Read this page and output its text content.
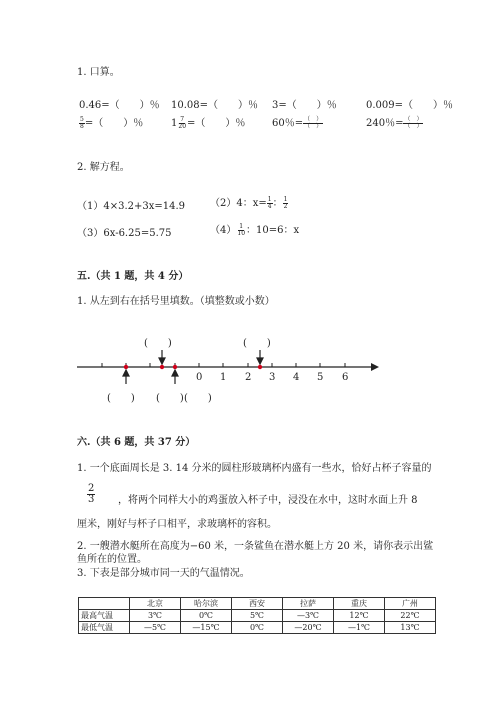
1. 口算。
0.46=（　　）％ 10.08=（　　）％ 3=（　　）％	0.009=（　　）％
$\frac{5}{8}$ =（　　）％	$1 \frac{7}{20}$ =（　　）％	60％= $\frac{( )}{( )}$	240％= $\frac{( )}{( )}$
2. 解方程。
（1）4×3.2+3x=14.9 （2）4：$x= \frac{1}{4}$ ： $\frac{1}{2}$
（3）6x-6.25=5.75	$(4) \frac{1}{10}$ ：10=6：x
五.（共 1 题，共 4 分）
1. 从左到右在括号里填数。（填整数或小数）
(　　)	(　　)
(　　) (　　) (　　)
0 1 2 3 4 5 6
六.（共 6 题，共 37 分）
1. 一个底面周长是 3. 14 分米的圆柱形玻璃杯内盛有一些水，恰好占杯子容量的
$\frac{2}{3}$ ，将两个同样大小的鸡蛋放入杯子中，浸没在水中，这时水面上升 8
厘米，刚好与杯子口相平，求玻璃杯的容积。
2. 一艘潜水艇所在高度为−60 米，一条鲨鱼在潜水艇上方 20 米，请你表示出鲨
鱼所在的位置。
3. 下表是部分城市同一天的气温情况。
	北京	哈尔滨	西安	拉萨	重庆	广州
最高气温	3℃	0℃	5℃	—3℃	12℃	22℃
最低气温	—5℃	—15℃	0℃	—20℃	—1℃	13℃
